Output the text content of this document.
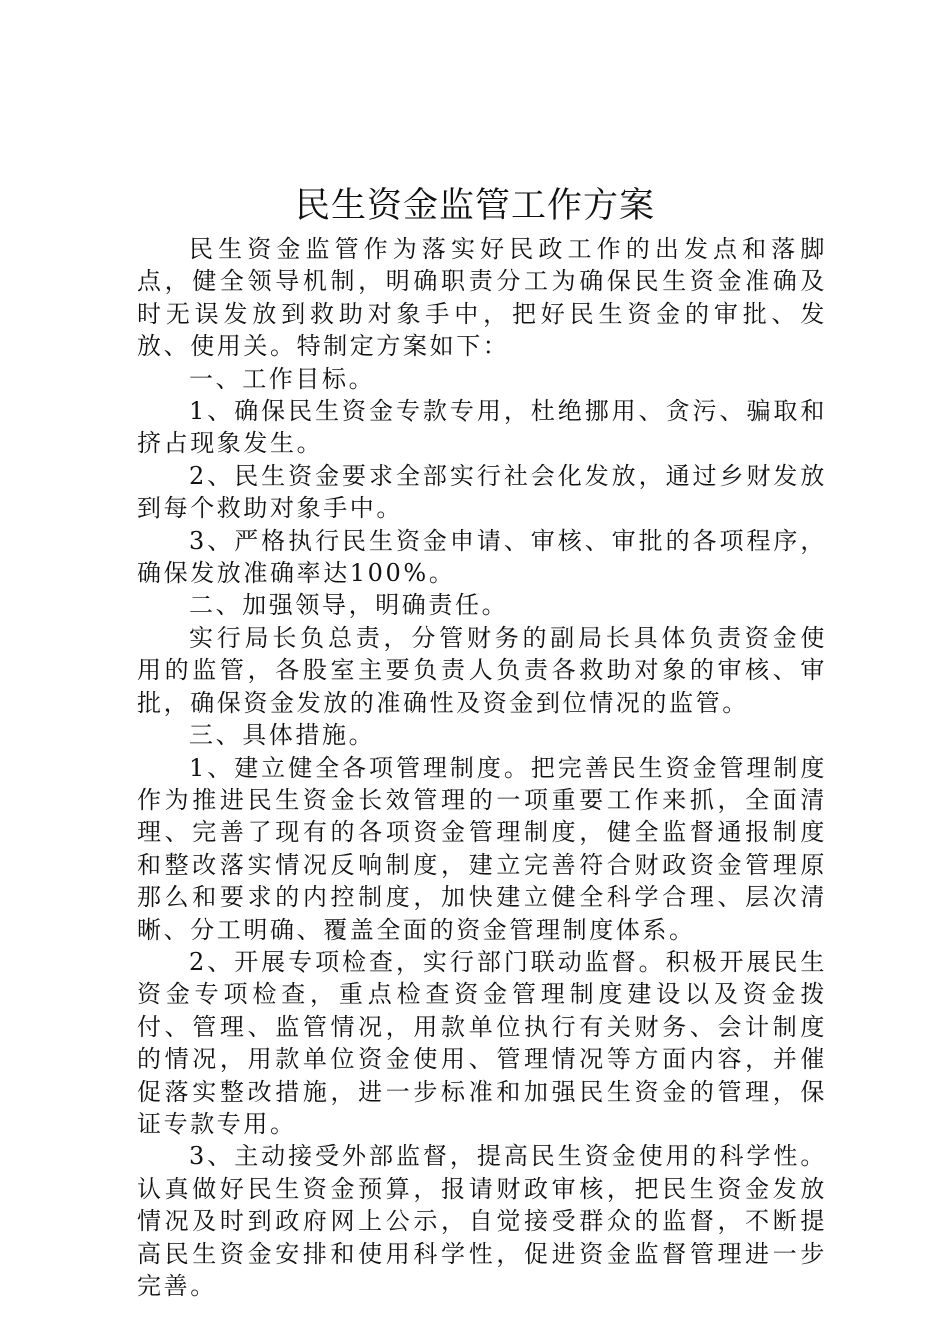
民生资金监管工作方案

民生资金监管作为落实好民政工作的出发点和落脚点，健全领导机制，明确职责分工为确保民生资金准确及时无误发放到救助对象手中，把好民生资金的审批、发放、使用关。特制定方案如下：

一、工作目标。

1、确保民生资金专款专用，杜绝挪用、贪污、骗取和挤占现象发生。

2、民生资金要求全部实行社会化发放，通过乡财发放到每个救助对象手中。

3、严格执行民生资金申请、审核、审批的各项程序，确保发放准确率达100%。

二、加强领导，明确责任。

实行局长负总责，分管财务的副局长具体负责资金使用的监管，各股室主要负责人负责各救助对象的审核、审批，确保资金发放的准确性及资金到位情况的监管。

三、具体措施。

1、建立健全各项管理制度。把完善民生资金管理制度作为推进民生资金长效管理的一项重要工作来抓，全面清理、完善了现有的各项资金管理制度，健全监督通报制度和整改落实情况反响制度，建立完善符合财政资金管理原那么和要求的内控制度，加快建立健全科学合理、层次清晰、分工明确、覆盖全面的资金管理制度体系。

2、开展专项检查，实行部门联动监督。积极开展民生资金专项检查，重点检查资金管理制度建设以及资金拨付、管理、监管情况，用款单位执行有关财务、会计制度的情况，用款单位资金使用、管理情况等方面内容，并催促落实整改措施，进一步标准和加强民生资金的管理，保证专款专用。

3、主动接受外部监督，提高民生资金使用的科学性。认真做好民生资金预算，报请财政审核，把民生资金发放情况及时到政府网上公示，自觉接受群众的监督，不断提高民生资金安排和使用科学性，促进资金监督管理进一步完善。
